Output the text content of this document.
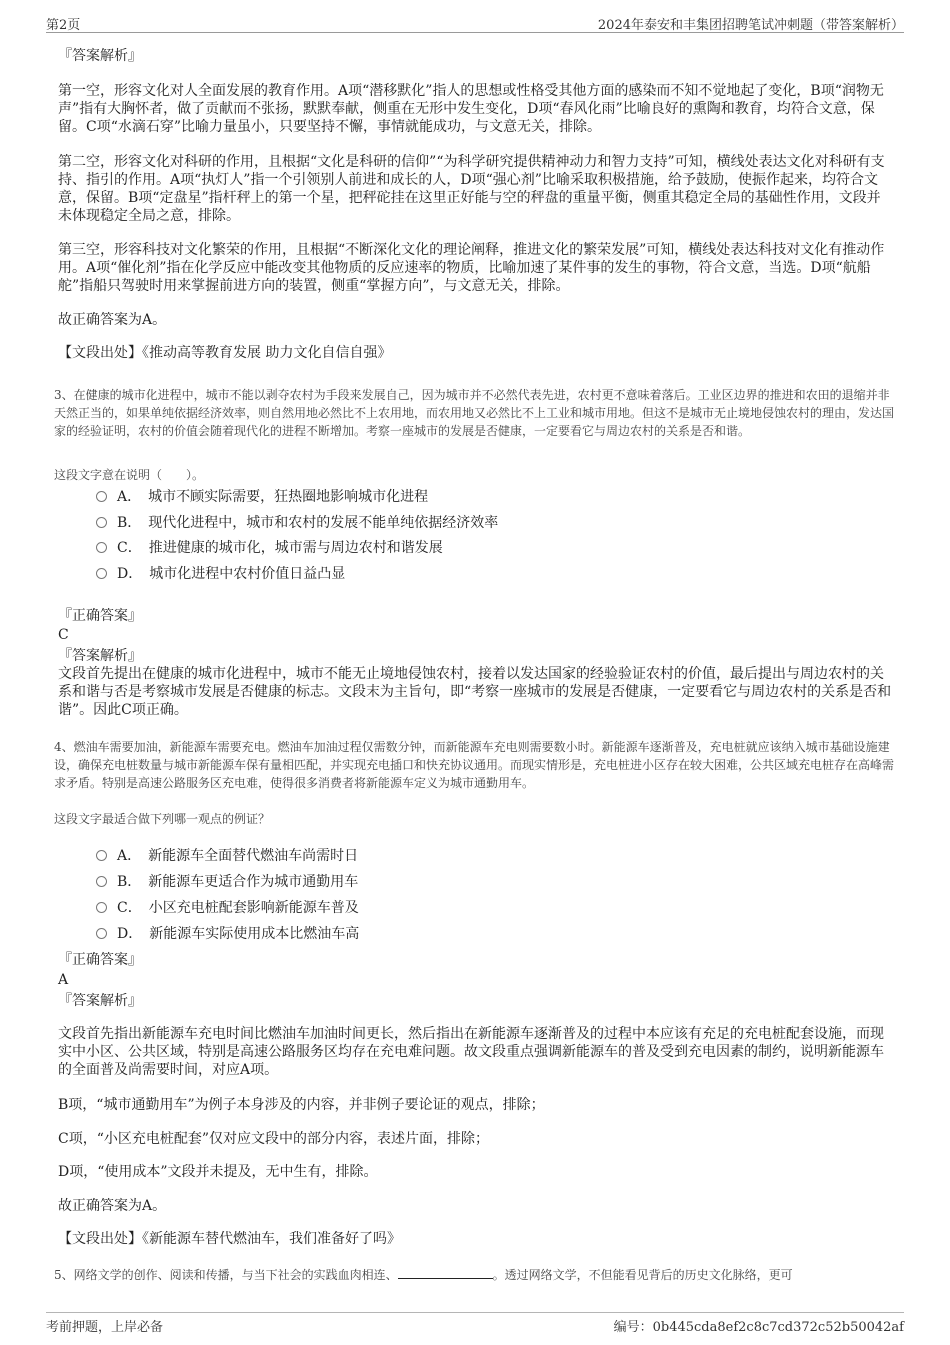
第2页	2024年泰安和丰集团招聘笔试冲刺题（带答案解析）
『答案解析』
第一空，形容文化对人全面发展的教育作用。A项“潜移默化”指人的思想或性格受其他方面的感染而不知不觉地起了变化，B项“润物无声”指有大胸怀者，做了贡献而不张扬，默默奉献，侧重在无形中发生变化，D项“春风化雨”比喻良好的熏陶和教育，均符合文意，保留。C项“水滴石穿”比喻力量虽小，只要坚持不懈，事情就能成功，与文意无关，排除。
第二空，形容文化对科研的作用，且根据“文化是科研的信仰”“为科学研究提供精神动力和智力支持”可知，横线处表达文化对科研有支持、指引的作用。A项“执灯人”指一个引领别人前进和成长的人，D项“强心剂”比喻采取积极措施，给予鼓励，使振作起来，均符合文意，保留。B项“定盘星”指杆秤上的第一个星，把秤砣挂在这里正好能与空的秤盘的重量平衡，侧重其稳定全局的基础性作用，文段并未体现稳定全局之意，排除。
第三空，形容科技对文化繁荣的作用，且根据“不断深化文化的理论阐释，推进文化的繁荣发展”可知，横线处表达科技对文化有推动作用。A项“催化剂”指在化学反应中能改变其他物质的反应速率的物质，比喻加速了某件事的发生的事物，符合文意，当选。D项“航船舵”指船只驾驶时用来掌握前进方向的装置，侧重“掌握方向”，与文意无关，排除。
故正确答案为A。
【文段出处】《推动高等教育发展 助力文化自信自强》
3、在健康的城市化进程中，城市不能以剥夺农村为手段来发展自己，因为城市并不必然代表先进，农村更不意味着落后。工业区边界的推进和农田的退缩并非天然正当的，如果单纯依据经济效率，则自然用地必然比不上农用地，而农用地又必然比不上工业和城市用地。但这不是城市无止境地侵蚀农村的理由，发达国家的经验证明，农村的价值会随着现代化的进程不断增加。考察一座城市的发展是否健康，一定要看它与周边农村的关系是否和谐。
这段文字意在说明（　　）。
A．　城市不顾实际需要，狂热圈地影响城市化进程
B．　现代化进程中，城市和农村的发展不能单纯依据经济效率
C．　推进健康的城市化，城市需与周边农村和谐发展
D．　城市化进程中农村价值日益凸显
『正确答案』
C
『答案解析』
文段首先提出在健康的城市化进程中，城市不能无止境地侵蚀农村，接着以发达国家的经验验证农村的价值，最后提出与周边农村的关系和谐与否是考察城市发展是否健康的标志。文段末为主旨句，即“考察一座城市的发展是否健康，一定要看它与周边农村的关系是否和谐”。因此C项正确。
4、燃油车需要加油，新能源车需要充电。燃油车加油过程仅需数分钟，而新能源车充电则需要数小时。新能源车逐渐普及，充电桩就应该纳入城市基础设施建设，确保充电桩数量与城市新能源车保有量相匹配，并实现充电插口和快充协议通用。而现实情形是，充电桩进小区存在较大困难，公共区域充电桩存在高峰需求矛盾。特别是高速公路服务区充电难，使得很多消费者将新能源车定义为城市通勤用车。
这段文字最适合做下列哪一观点的例证？
A．　新能源车全面替代燃油车尚需时日
B．　新能源车更适合作为城市通勤用车
C．　小区充电桩配套影响新能源车普及
D．　新能源车实际使用成本比燃油车高
『正确答案』
A
『答案解析』
文段首先指出新能源车充电时间比燃油车加油时间更长，然后指出在新能源车逐渐普及的过程中本应该有充足的充电桩配套设施，而现实中小区、公共区域，特别是高速公路服务区均存在充电难问题。故文段重点强调新能源车的普及受到充电因素的制约，说明新能源车的全面普及尚需要时间，对应A项。
B项，“城市通勤用车”为例子本身涉及的内容，并非例子要论证的观点，排除；
C项，“小区充电桩配套”仅对应文段中的部分内容，表述片面，排除；
D项，“使用成本”文段并未提及，无中生有，排除。
故正确答案为A。
【文段出处】《新能源车替代燃油车，我们准备好了吗》
5、网络文学的创作、阅读和传播，与当下社会的实践血肉相连、	。透过网络文学，不但能看见背后的历史文化脉络，更可
考前押题，上岸必备	编号：0b445cda8ef2c8c7cd372c52b50042af
